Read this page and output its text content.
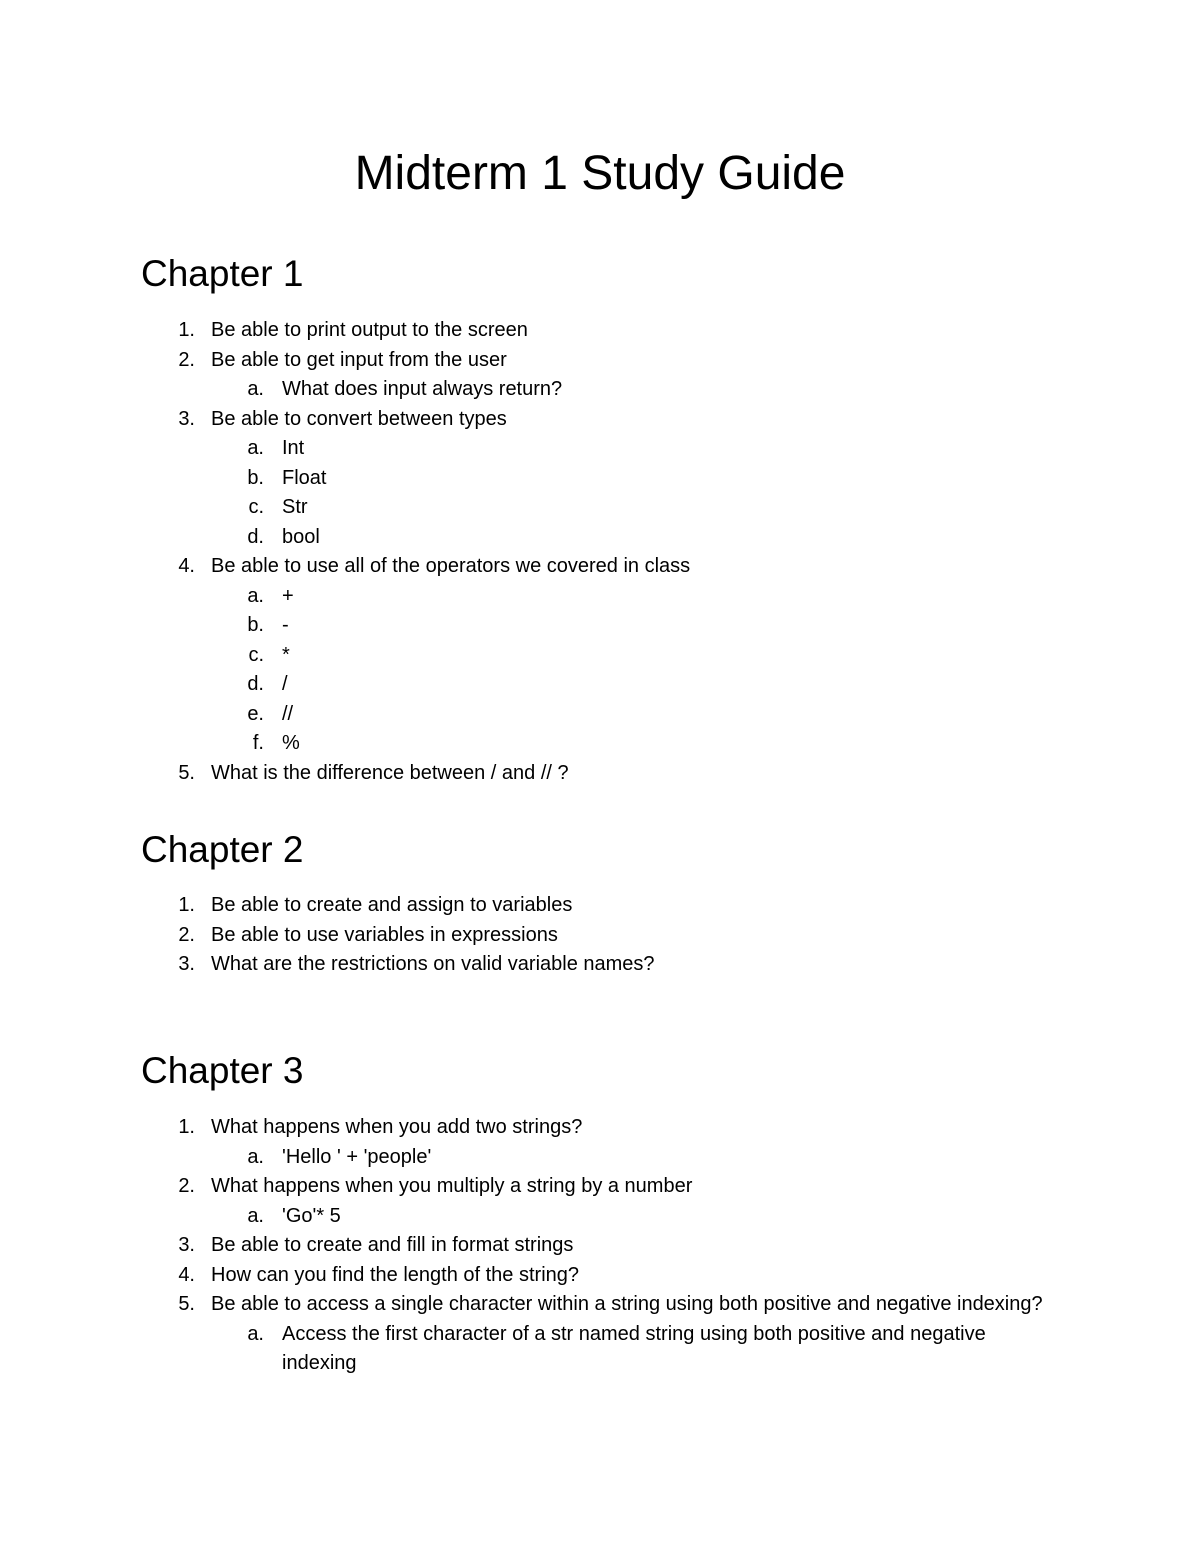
Midterm 1 Study Guide
Chapter 1
1. Be able to print output to the screen
2. Be able to get input from the user
a. What does input always return?
3. Be able to convert between types
a. Int
b. Float
c. Str
d. bool
4. Be able to use all of the operators we covered in class
a. +
b. -
c. *
d. /
e. //
f. %
5. What is the difference between / and // ?
Chapter 2
1. Be able to create and assign to variables
2. Be able to use variables in expressions
3. What are the restrictions on valid variable names?
Chapter 3
1. What happens when you add two strings?
a. 'Hello ' + 'people'
2. What happens when you multiply a string by a number
a. 'Go'* 5
3. Be able to create and fill in format strings
4. How can you find the length of the string?
5. Be able to access a single character within a string using both positive and negative indexing?
a. Access the first character of a str named string using both positive and negative indexing
